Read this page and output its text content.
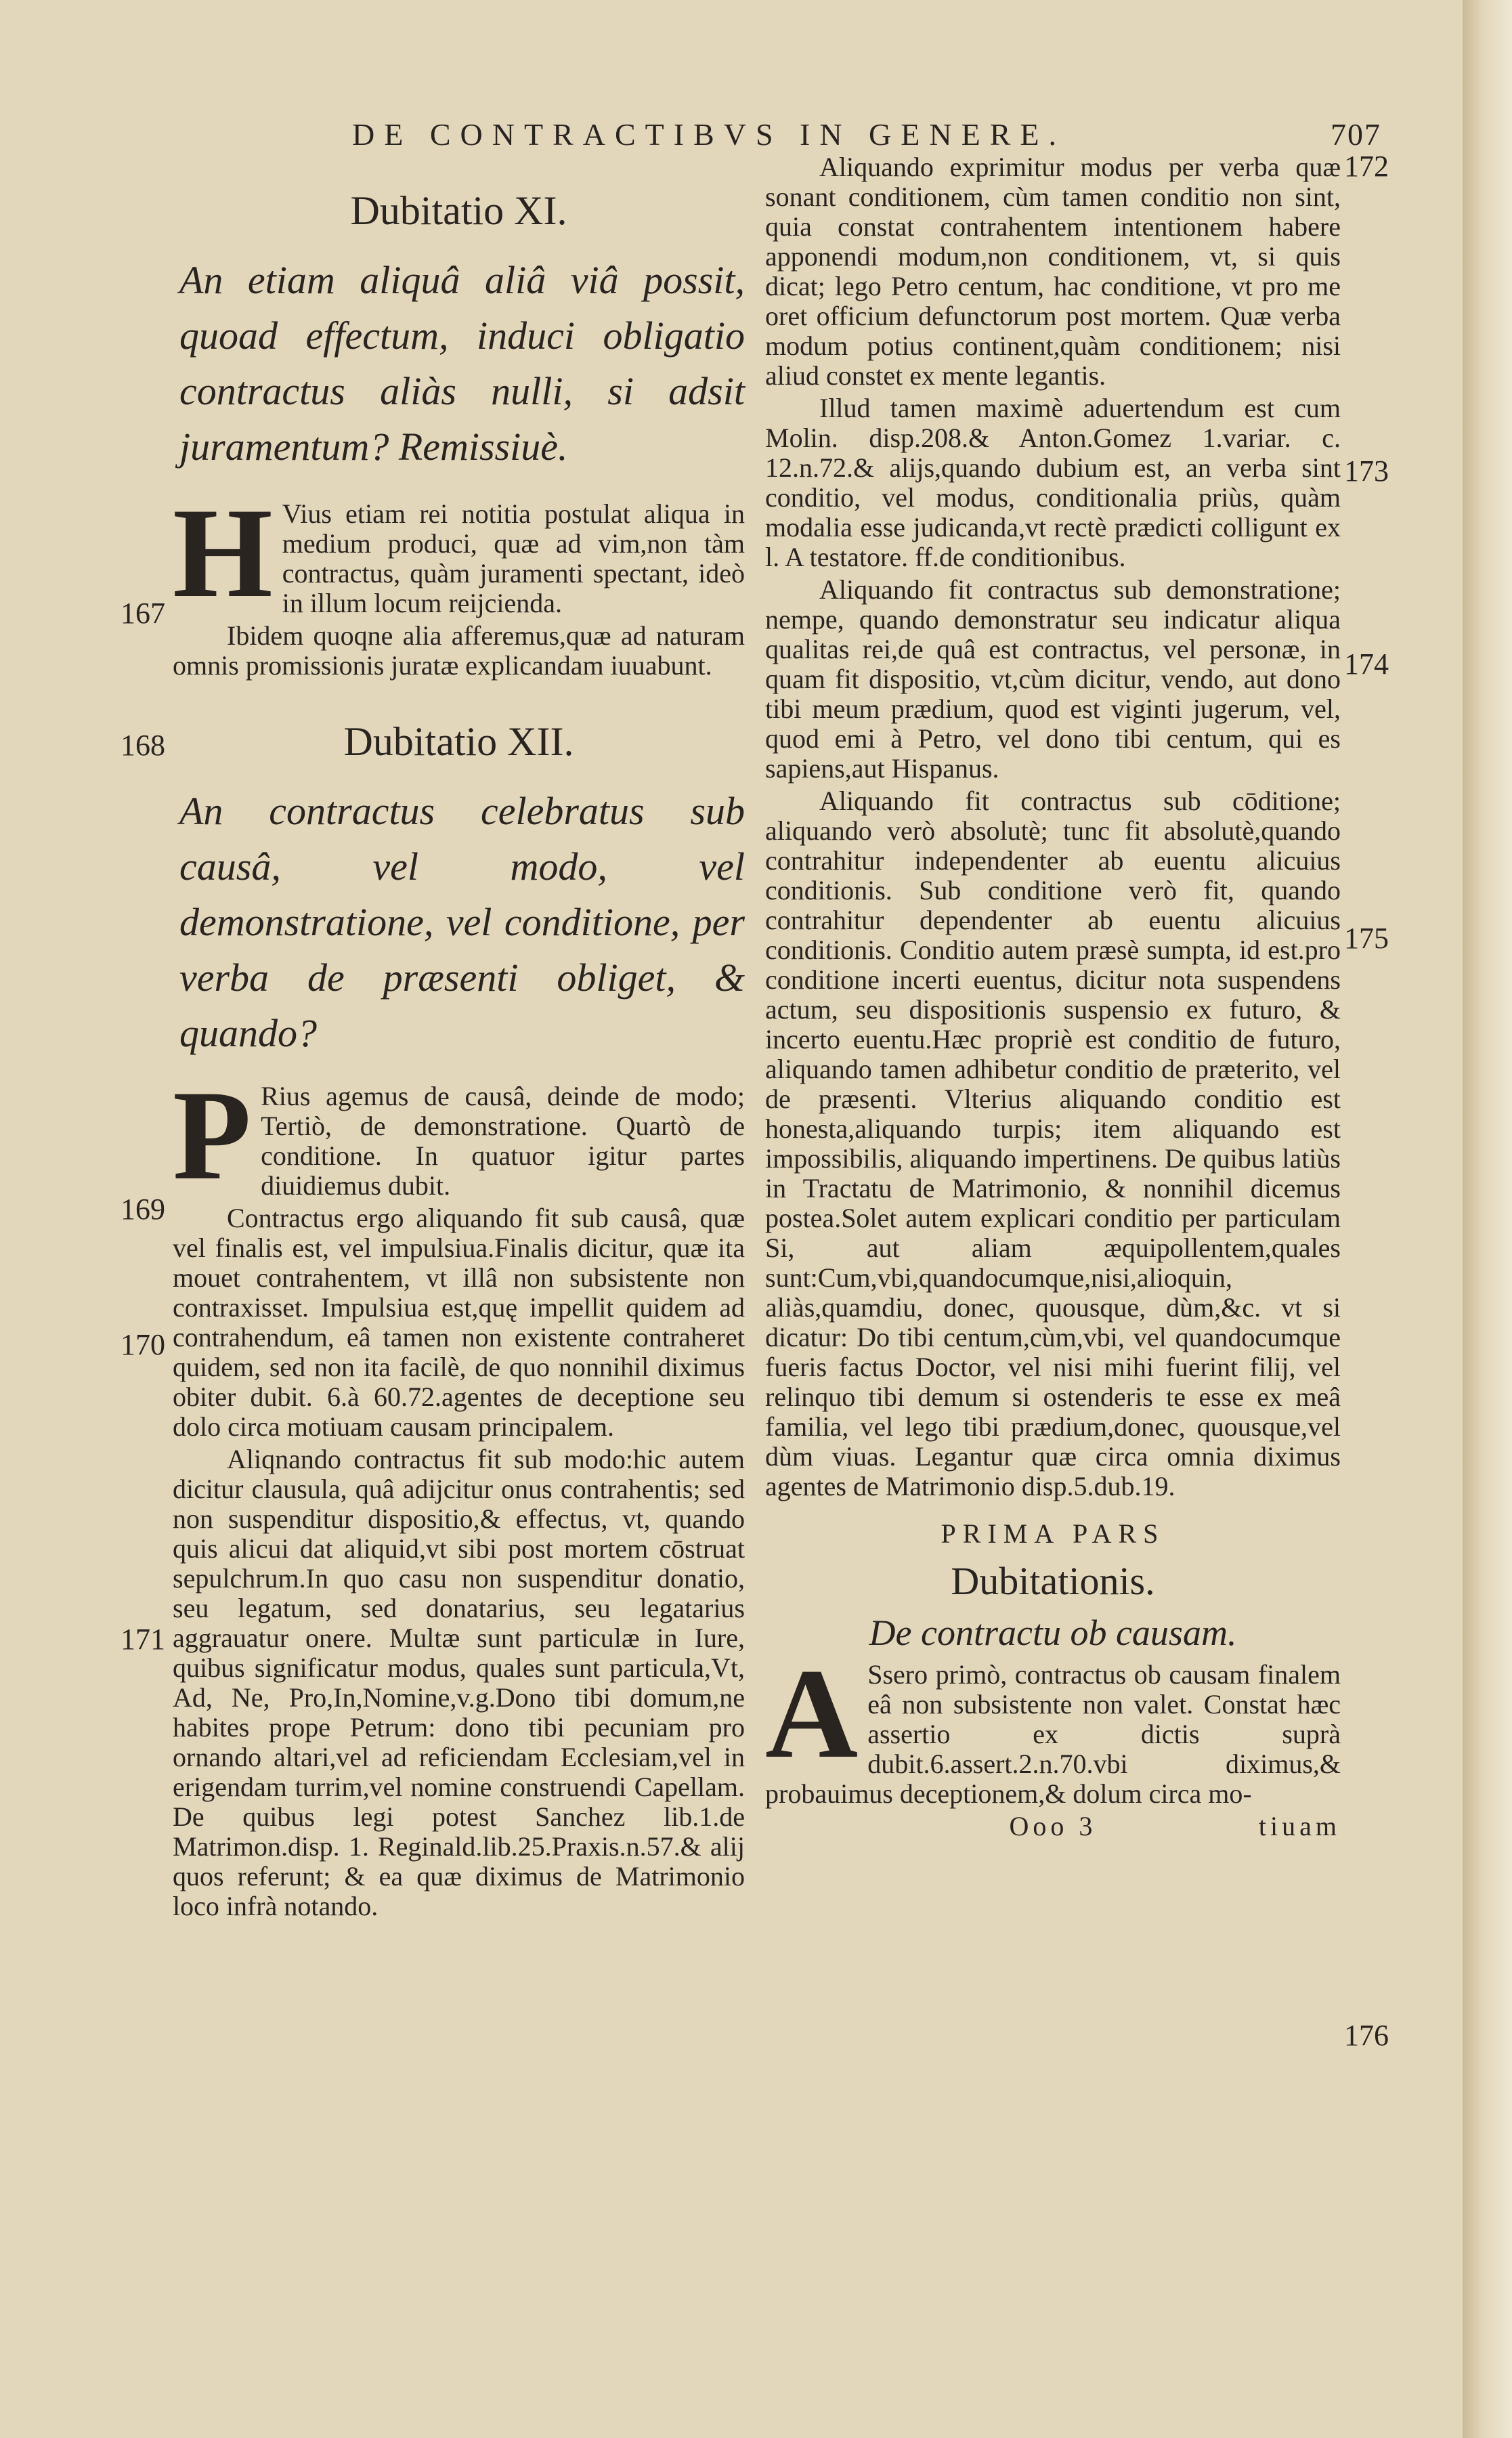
DE CONTRACTIBVS IN GENERE.	707
Dubitatio XI.
An etiam aliquâ aliâ viâ possit, quoad effectum, induci obligatio contractus aliàs nulli, si adsit juramentum? Remissiuè.

H Vius etiam rei notitia postulat aliqua in medium produci, quæ ad vim,non tàm contractus, quàm juramenti spectant, ideò in illum locum reijcienda.

Ibidem quoqne alia afferemus,quæ ad naturam omnis promissionis juratæ explicandam iuuabunt.

Dubitatio XII.
An contractus celebratus sub causâ, vel modo, vel demonstratione, vel conditione, per verba de præsenti obliget, & quando?

P Rius agemus de causâ, deinde de modo; Tertiò, de demonstratione. Quartò de conditione. In quatuor igitur partes diuidiemus dubit.

Contractus ergo aliquando fit sub causâ, quæ vel finalis est, vel impulsiua.Finalis dicitur, quæ ita mouet contrahentem, vt illâ non subsistente non contraxisset. Impulsiua est,quę impellit quidem ad contrahendum, eâ tamen non existente contraheret quidem, sed non ita facilè, de quo nonnihil diximus obiter dubit. 6.à 60.72.agentes de deceptione seu dolo circa motiuam causam principalem.

Aliqnando contractus fit sub modo:hic autem dicitur clausula, quâ adijcitur onus contrahentis; sed non suspenditur dispositio,& effectus, vt, quando quis alicui dat aliquid,vt sibi post mortem cōstruat sepulchrum.In quo casu non suspenditur donatio, seu legatum, sed donatarius, seu legatarius aggrauatur onere. Multæ sunt particulæ in Iure, quibus significatur modus, quales sunt particula,Vt, Ad, Ne, Pro,In,Nomine,v.g.Dono tibi domum,ne habites prope Petrum: dono tibi pecuniam pro ornando altari,vel ad reficiendam Ecclesiam,vel in erigendam turrim,vel nomine construendi Capellam. De quibus legi potest Sanchez lib.1.de Matrimon.disp. 1. Reginald.lib.25.Praxis.n.57.& alij quos referunt; & ea quæ diximus de Matrimonio loco infrà notando.

Aliquando exprimitur modus per verba quæ sonant conditionem, cùm tamen conditio non sint, quia constat contrahentem intentionem habere apponendi modum,non conditionem, vt, si quis dicat; lego Petro centum, hac conditione, vt pro me oret officium defunctorum post mortem. Quæ verba modum potius continent,quàm conditionem; nisi aliud constet ex mente legantis.

Illud tamen maximè aduertendum est cum Molin. disp.208.& Anton.Gomez 1.variar. c. 12.n.72.& alijs,quando dubium est, an verba sint conditio, vel modus, conditionalia priùs, quàm modalia esse judicanda,vt rectè prædicti colligunt ex l. A testatore. ff.de conditionibus.

Aliquando fit contractus sub demonstratione; nempe, quando demonstratur seu indicatur aliqua qualitas rei,de quâ est contractus, vel personæ, in quam fit dispositio, vt,cùm dicitur, vendo, aut dono tibi meum prædium, quod est viginti jugerum, vel, quod emi à Petro, vel dono tibi centum, qui es sapiens,aut Hispanus.

Aliquando fit contractus sub cōditione; aliquando verò absolutè; tunc fit absolutè,quando contrahitur independenter ab euentu alicuius conditionis. Sub conditione verò fit, quando contrahitur dependenter ab euentu alicuius conditionis. Conditio autem præsè sumpta, id est.pro conditione incerti euentus, dicitur nota suspendens actum, seu dispositionis suspensio ex futuro, & incerto euentu.Hæc propriè est conditio de futuro, aliquando tamen adhibetur conditio de præterito, vel de præsenti. Vlterius aliquando conditio est honesta,aliquando turpis; item aliquando est impossibilis, aliquando impertinens. De quibus latiùs in Tractatu de Matrimonio, & nonnihil dicemus postea.Solet autem explicari conditio per particulam Si, aut aliam æquipollentem,quales sunt:Cum,vbi,quandocumque,nisi,alioquin, aliàs,quamdiu, donec, quousque, dùm,&c. vt si dicatur: Do tibi centum,cùm,vbi, vel quandocumque fueris factus Doctor, vel nisi mihi fuerint filij, vel relinquo tibi demum si ostenderis te esse ex meâ familia, vel lego tibi prædium,donec, quousque,vel dùm viuas. Legantur quæ circa omnia diximus agentes de Matrimonio disp.5.dub.19.

PRIMA PARS
Dubitationis.
De contractu ob causam.

A Ssero primò, contractus ob causam finalem eâ non subsistente non valet. Constat hæc assertio ex dictis suprà dubit.6.assert.2.n.70.vbi diximus,& probauimus deceptionem,& dolum circa mo-

Ooo 3	tiuam
167
168
169
170
171
172
173
174
175
176
